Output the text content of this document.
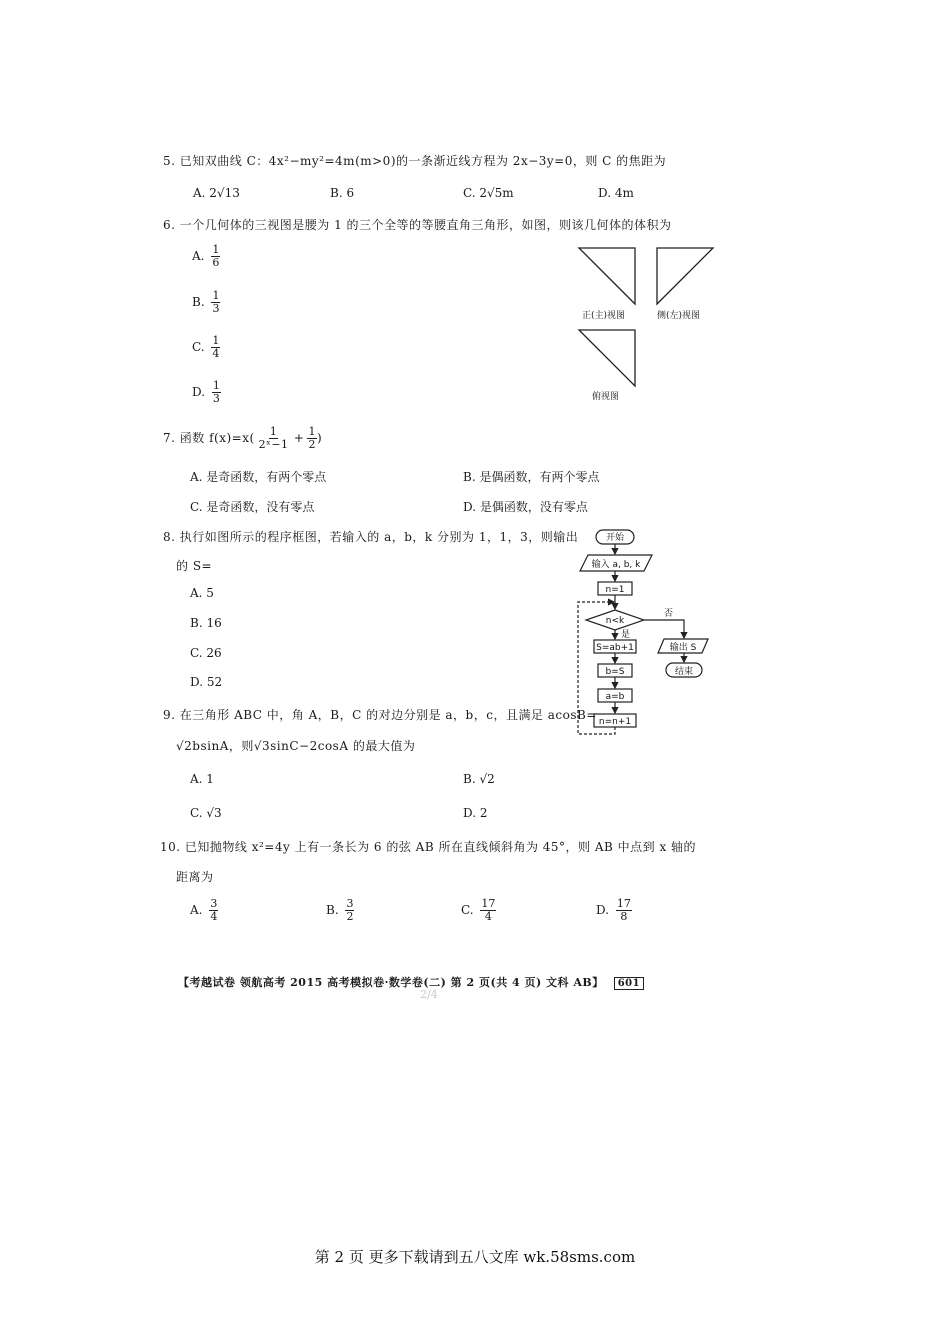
5. 已知双曲线 C：4x²−my²=4m(m>0)的一条渐近线方程为 2x−3y=0，则 C 的焦距为
A. 2√13	B. 6	C. 2√5m	D. 4m
6. 一个几何体的三视图是腰为 1 的三个全等的等腰直角三角形，如图，则该几何体的体积为
A. $\frac{1}{6}$
B. $\frac{1}{3}$
C. $\frac{1}{4}$
D. $\frac{1}{3}$
正(主)视图	侧(左)视图
俯视图
7. 函数 $f(x)=x( \frac{1}{\text{2ˣ−1}} + \frac{1}{2}$ )
A. 是奇函数，有两个零点	B. 是偶函数，有两个零点
C. 是奇函数，没有零点	D. 是偶函数，没有零点
8. 执行如图所示的程序框图，若输入的 a，b，k 分别为 1，1，3，则输出
的 S=
A. 5
B. 16
C. 26
D. 52
开始
输入 a, b, k
n=1
n<k
是
否
S=ab+1
b=S
a=b
n=n+1
输出 S
结束
9. 在三角形 ABC 中，角 A，B，C 的对边分别是 a，b，c，且满足 acosB=
√2bsinA，则√3sinC−2cosA 的最大值为
A. 1	B. √2
C. √3	D. 2
10. 已知抛物线 x²=4y 上有一条长为 6 的弦 AB 所在直线倾斜角为 45°，则 AB 中点到 x 轴的
距离为
A. $\frac{3}{4}$	B. $\frac{3}{2}$	C. $\frac{17}{4}$	D. $\frac{17}{8}$
【考越试卷 领航高考 2015 高考模拟卷·数学卷(二) 第 2 页(共 4 页) 文科 AB】 601
2/4
第 2 页 更多下载请到五八文库 wk.58sms.com
